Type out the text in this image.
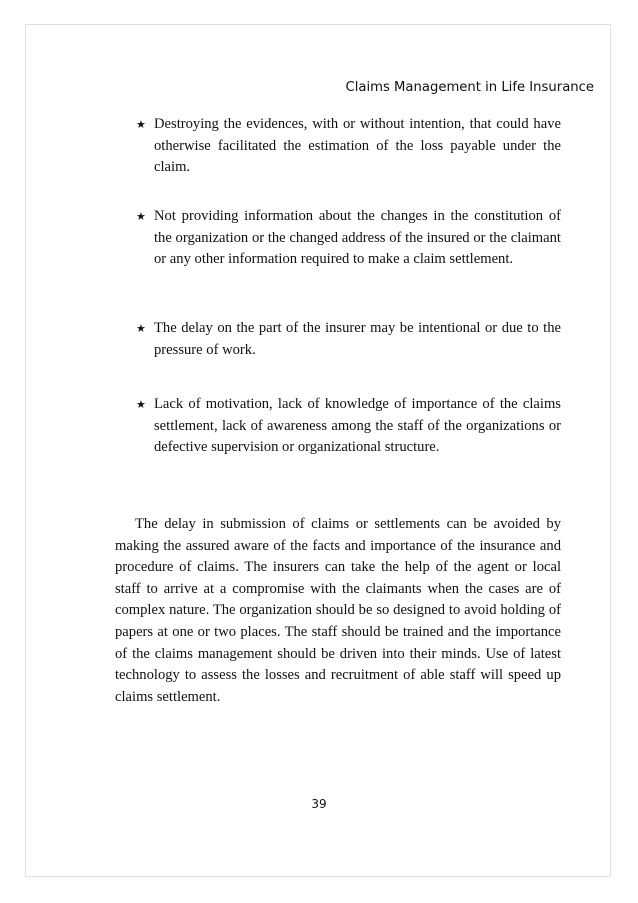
Claims Management in Life Insurance
★ Destroying the evidences, with or without intention, that could have otherwise facilitated the estimation of the loss payable under the claim.
★ Not providing information about the changes in the constitution of the organization or the changed address of the insured or the claimant or any other information required to make a claim settlement.
★ The delay on the part of the insurer may be intentional or due to the pressure of work.
★ Lack of motivation, lack of knowledge of importance of the claims settlement, lack of awareness among the staff of the organizations or defective supervision or organizational structure.
The delay in submission of claims or settlements can be avoided by making the assured aware of the facts and importance of the insurance and procedure of claims. The insurers can take the help of the agent or local staff to arrive at a compromise with the claimants when the cases are of complex nature. The organization should be so designed to avoid holding of papers at one or two places. The staff should be trained and the importance of the claims management should be driven into their minds. Use of latest technology to assess the losses and recruitment of able staff will speed up claims settlement.
39
